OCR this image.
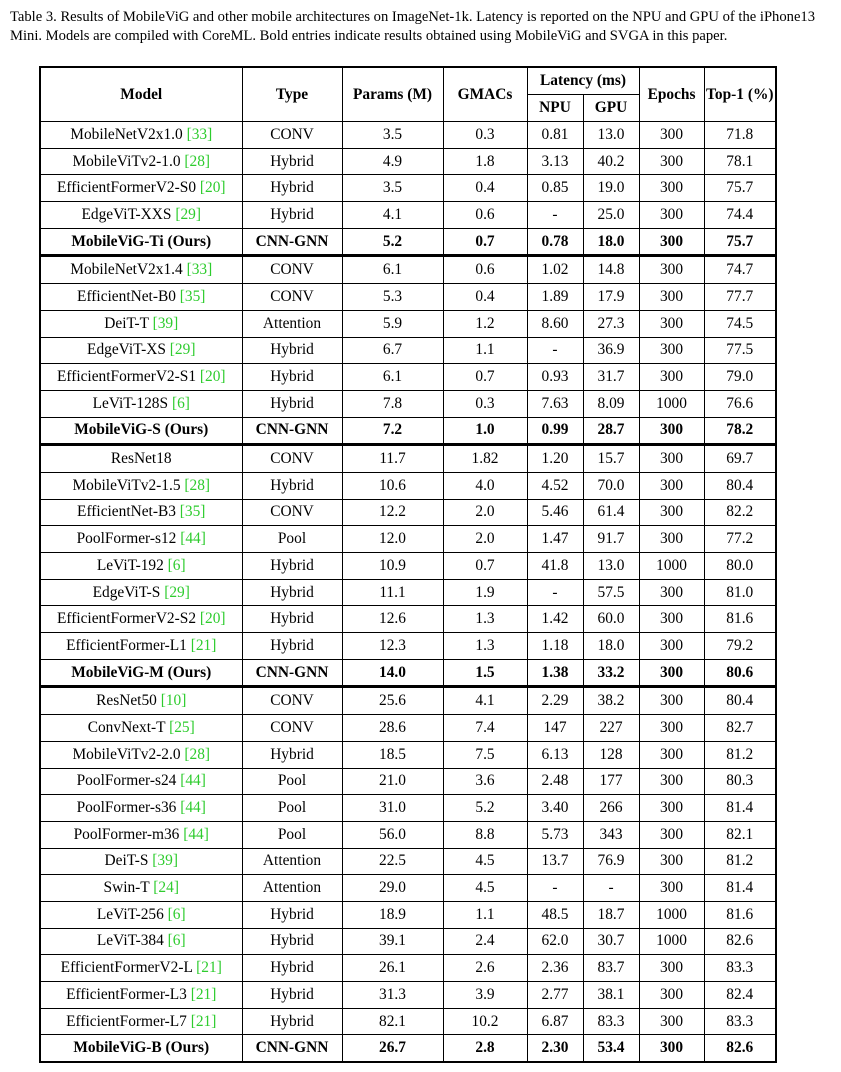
Table 3. Results of MobileViG and other mobile architectures on ImageNet-1k. Latency is reported on the NPU and GPU of the iPhone13
Mini. Models are compiled with CoreML. Bold entries indicate results obtained using MobileViG and SVGA in this paper.
Model	Type	Params (M)	GMACs	Latency (ms)		Epochs	Top-1 (%)
				NPU	GPU		
MobileNetV2x1.0 [33]	CONV	3.5	0.3	0.81	13.0	300	71.8
MobileViTv2-1.0 [28]	Hybrid	4.9	1.8	3.13	40.2	300	78.1
EfficientFormerV2-S0 [20]	Hybrid	3.5	0.4	0.85	19.0	300	75.7
EdgeViT-XXS [29]	Hybrid	4.1	0.6	-	25.0	300	74.4
MobileViG-Ti (Ours)	CNN-GNN	5.2	0.7	0.78	18.0	300	75.7
MobileNetV2x1.4 [33]	CONV	6.1	0.6	1.02	14.8	300	74.7
EfficientNet-B0 [35]	CONV	5.3	0.4	1.89	17.9	300	77.7
DeiT-T [39]	Attention	5.9	1.2	8.60	27.3	300	74.5
EdgeViT-XS [29]	Hybrid	6.7	1.1	-	36.9	300	77.5
EfficientFormerV2-S1 [20]	Hybrid	6.1	0.7	0.93	31.7	300	79.0
LeViT-128S [6]	Hybrid	7.8	0.3	7.63	8.09	1000	76.6
MobileViG-S (Ours)	CNN-GNN	7.2	1.0	0.99	28.7	300	78.2
ResNet18	CONV	11.7	1.82	1.20	15.7	300	69.7
MobileViTv2-1.5 [28]	Hybrid	10.6	4.0	4.52	70.0	300	80.4
EfficientNet-B3 [35]	CONV	12.2	2.0	5.46	61.4	300	82.2
PoolFormer-s12 [44]	Pool	12.0	2.0	1.47	91.7	300	77.2
LeViT-192 [6]	Hybrid	10.9	0.7	41.8	13.0	1000	80.0
EdgeViT-S [29]	Hybrid	11.1	1.9	-	57.5	300	81.0
EfficientFormerV2-S2 [20]	Hybrid	12.6	1.3	1.42	60.0	300	81.6
EfficientFormer-L1 [21]	Hybrid	12.3	1.3	1.18	18.0	300	79.2
MobileViG-M (Ours)	CNN-GNN	14.0	1.5	1.38	33.2	300	80.6
ResNet50 [10]	CONV	25.6	4.1	2.29	38.2	300	80.4
ConvNext-T [25]	CONV	28.6	7.4	147	227	300	82.7
MobileViTv2-2.0 [28]	Hybrid	18.5	7.5	6.13	128	300	81.2
PoolFormer-s24 [44]	Pool	21.0	3.6	2.48	177	300	80.3
PoolFormer-s36 [44]	Pool	31.0	5.2	3.40	266	300	81.4
PoolFormer-m36 [44]	Pool	56.0	8.8	5.73	343	300	82.1
DeiT-S [39]	Attention	22.5	4.5	13.7	76.9	300	81.2
Swin-T [24]	Attention	29.0	4.5	-	-	300	81.4
LeViT-256 [6]	Hybrid	18.9	1.1	48.5	18.7	1000	81.6
LeViT-384 [6]	Hybrid	39.1	2.4	62.0	30.7	1000	82.6
EfficientFormerV2-L [21]	Hybrid	26.1	2.6	2.36	83.7	300	83.3
EfficientFormer-L3 [21]	Hybrid	31.3	3.9	2.77	38.1	300	82.4
EfficientFormer-L7 [21]	Hybrid	82.1	10.2	6.87	83.3	300	83.3
MobileViG-B (Ours)	CNN-GNN	26.7	2.8	2.30	53.4	300	82.6
